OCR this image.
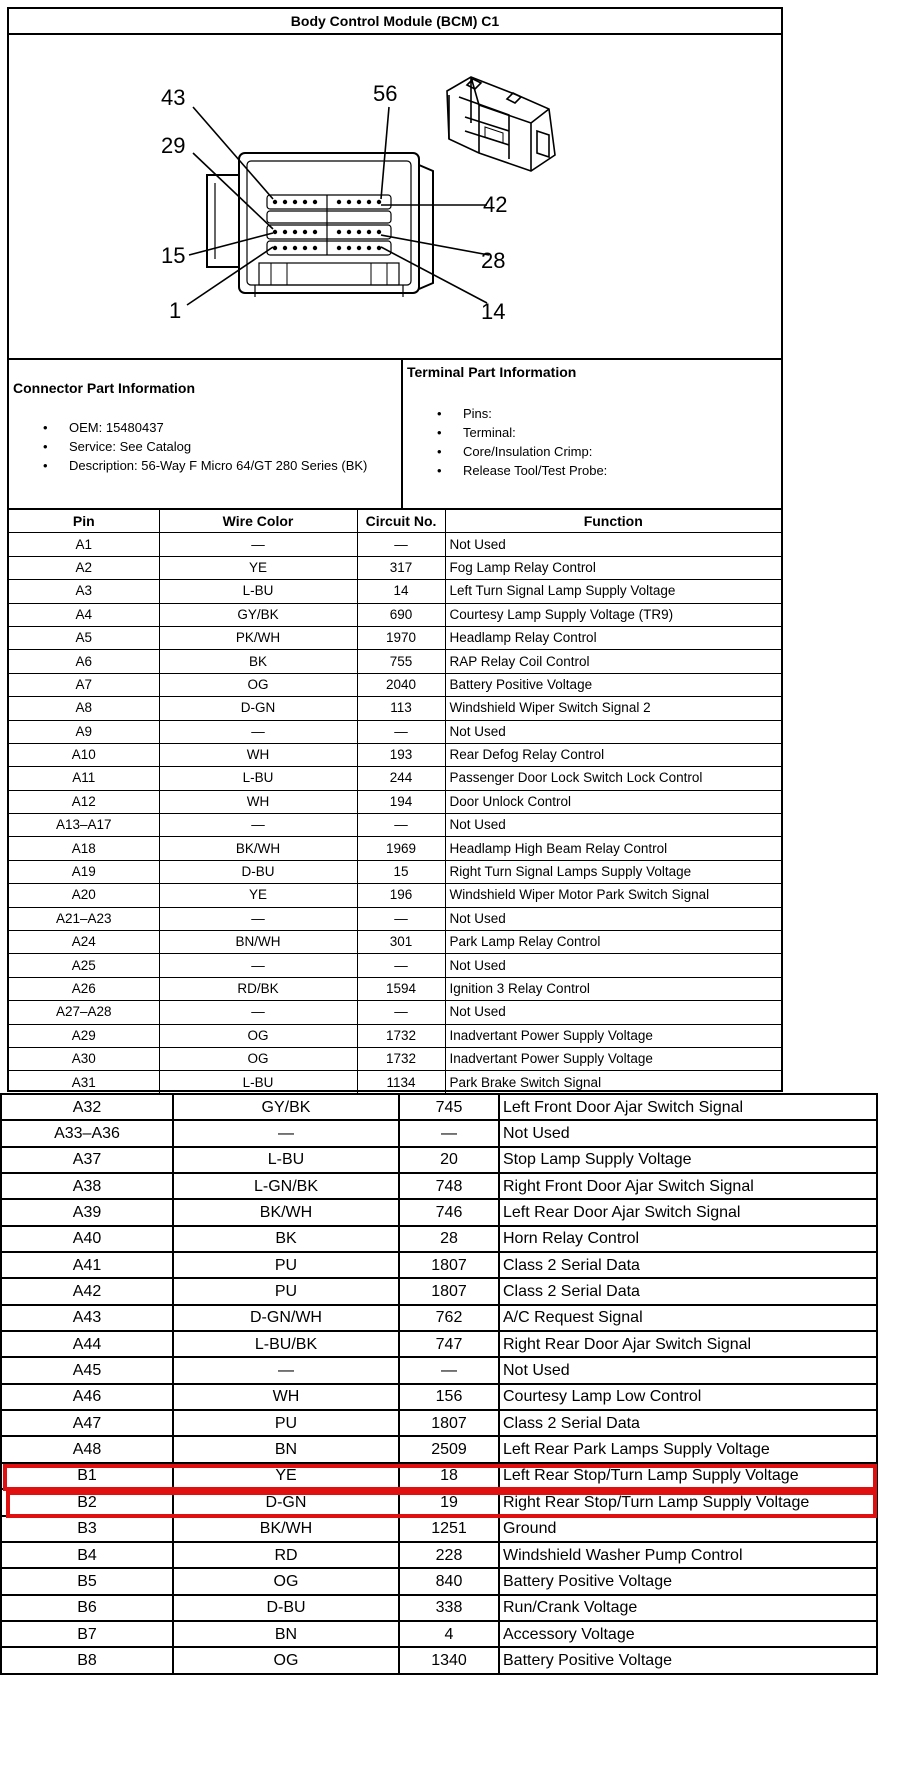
Body Control Module (BCM) C1
43	56
29
42
15	28
1	14
Connector Part Information
• OEM: 15480437
• Service: See Catalog
• Description: 56-Way F Micro 64/GT 280 Series (BK)
Terminal Part Information
• Pins:
• Terminal:
• Core/Insulation Crimp:
• Release Tool/Test Probe:
Pin	Wire Color	Circuit No.	Function
A1	—	—	Not Used
A2	YE	317	Fog Lamp Relay Control
A3	L-BU	14	Left Turn Signal Lamp Supply Voltage
A4	GY/BK	690	Courtesy Lamp Supply Voltage (TR9)
A5	PK/WH	1970	Headlamp Relay Control
A6	BK	755	RAP Relay Coil Control
A7	OG	2040	Battery Positive Voltage
A8	D-GN	113	Windshield Wiper Switch Signal 2
A9	—	—	Not Used
A10	WH	193	Rear Defog Relay Control
A11	L-BU	244	Passenger Door Lock Switch Lock Control
A12	WH	194	Door Unlock Control
A13–A17	—	—	Not Used
A18	BK/WH	1969	Headlamp High Beam Relay Control
A19	D-BU	15	Right Turn Signal Lamps Supply Voltage
A20	YE	196	Windshield Wiper Motor Park Switch Signal
A21–A23	—	—	Not Used
A24	BN/WH	301	Park Lamp Relay Control
A25	—	—	Not Used
A26	RD/BK	1594	Ignition 3 Relay Control
A27–A28	—	—	Not Used
A29	OG	1732	Inadvertant Power Supply Voltage
A30	OG	1732	Inadvertant Power Supply Voltage
A31	L-BU	1134	Park Brake Switch Signal
A32	GY/BK	745	Left Front Door Ajar Switch Signal
A33–A36	—	—	Not Used
A37	L-BU	20	Stop Lamp Supply Voltage
A38	L-GN/BK	748	Right Front Door Ajar Switch Signal
A39	BK/WH	746	Left Rear Door Ajar Switch Signal
A40	BK	28	Horn Relay Control
A41	PU	1807	Class 2 Serial Data
A42	PU	1807	Class 2 Serial Data
A43	D-GN/WH	762	A/C Request Signal
A44	L-BU/BK	747	Right Rear Door Ajar Switch Signal
A45	—	—	Not Used
A46	WH	156	Courtesy Lamp Low Control
A47	PU	1807	Class 2 Serial Data
A48	BN	2509	Left Rear Park Lamps Supply Voltage
B1	YE	18	Left Rear Stop/Turn Lamp Supply Voltage
B2	D-GN	19	Right Rear Stop/Turn Lamp Supply Voltage
B3	BK/WH	1251	Ground
B4	RD	228	Windshield Washer Pump Control
B5	OG	840	Battery Positive Voltage
B6	D-BU	338	Run/Crank Voltage
B7	BN	4	Accessory Voltage
B8	OG	1340	Battery Positive Voltage
